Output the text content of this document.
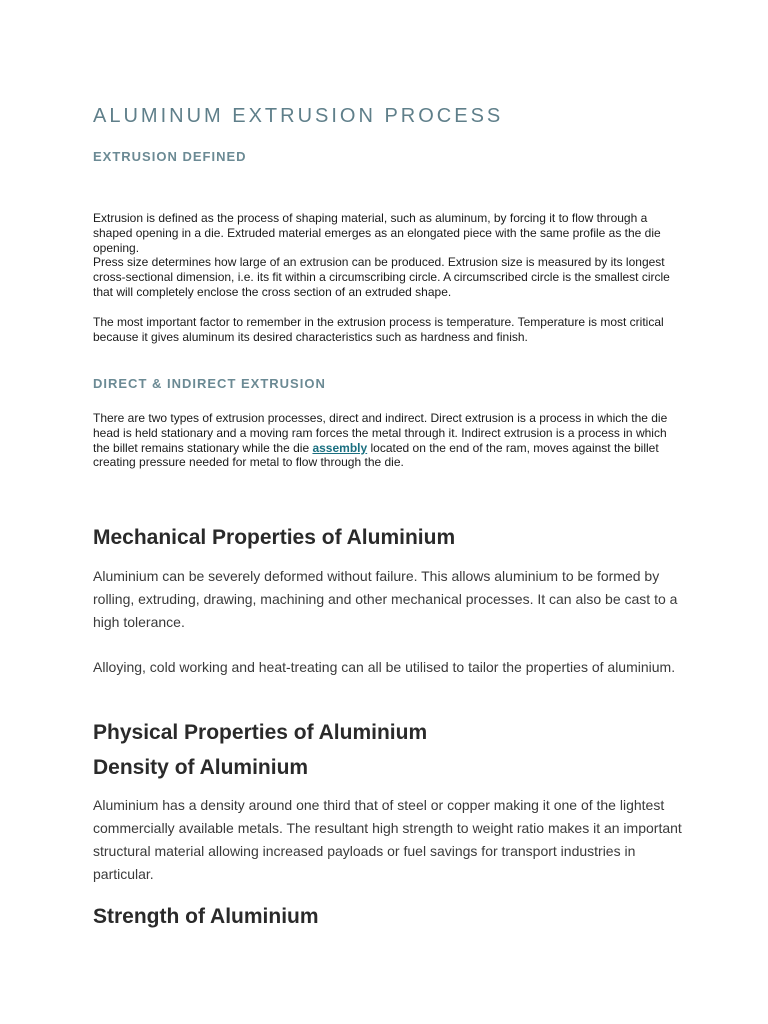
ALUMINUM EXTRUSION PROCESS
EXTRUSION DEFINED

Extrusion is defined as the process of shaping material, such as aluminum, by forcing it to flow through a shaped opening in a die. Extruded material emerges as an elongated piece with the same profile as the die opening.
Press size determines how large of an extrusion can be produced. Extrusion size is measured by its longest cross-sectional dimension, i.e. its fit within a circumscribing circle. A circumscribed circle is the smallest circle that will completely enclose the cross section of an extruded shape.

The most important factor to remember in the extrusion process is temperature. Temperature is most critical because it gives aluminum its desired characteristics such as hardness and finish.

DIRECT & INDIRECT EXTRUSION

There are two types of extrusion processes, direct and indirect. Direct extrusion is a process in which the die head is held stationary and a moving ram forces the metal through it. Indirect extrusion is a process in which the billet remains stationary while the die assembly located on the end of the ram, moves against the billet creating pressure needed for metal to flow through the die.

Mechanical Properties of Aluminium

Aluminium can be severely deformed without failure. This allows aluminium to be formed by rolling, extruding, drawing, machining and other mechanical processes. It can also be cast to a high tolerance.

Alloying, cold working and heat-treating can all be utilised to tailor the properties of aluminium.

Physical Properties of Aluminium
Density of Aluminium

Aluminium has a density around one third that of steel or copper making it one of the lightest commercially available metals. The resultant high strength to weight ratio makes it an important structural material allowing increased payloads or fuel savings for transport industries in particular.

Strength of Aluminium
